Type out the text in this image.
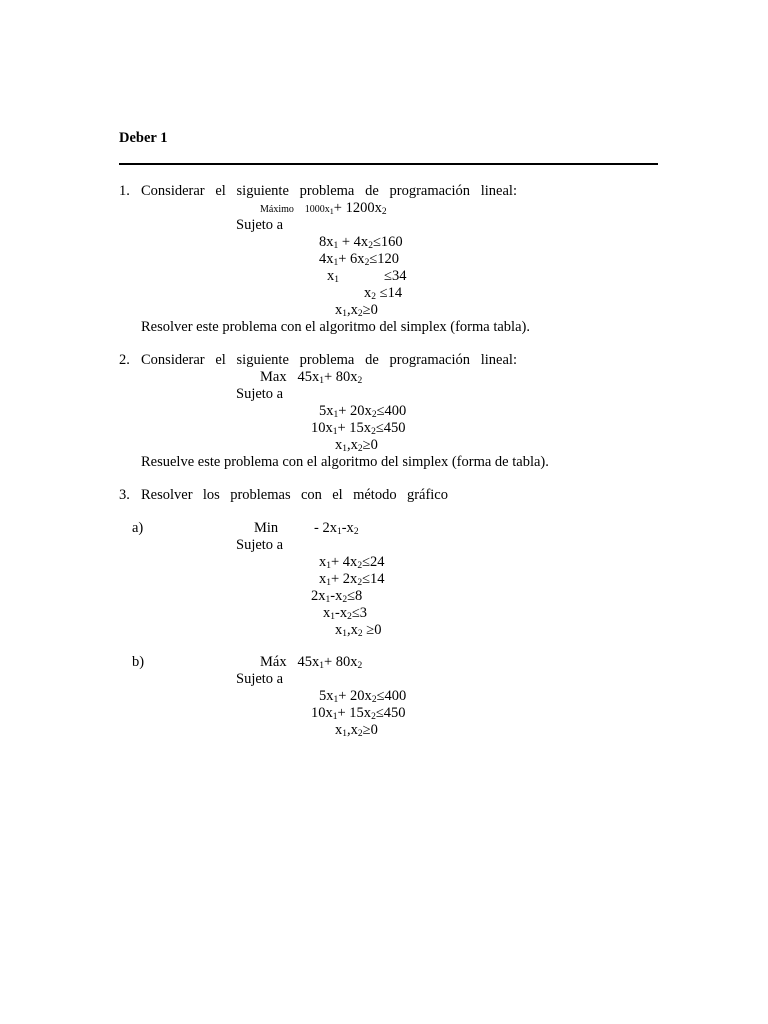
Deber 1
1. Considerar el siguiente problema de programación lineal:
Máximo $1000x_1+ 1200x_2$
Sujeto a
$8x_1 + 4x_2\le 160$
$4x_1+ 6x_2\le 120$
$x_1$	≤34
$x_2 \le 14$
$x_1,x_2\ge 0$
Resolver este problema con el algoritmo del simplex (forma tabla).
2. Considerar el siguiente problema de programación lineal:
Max $45x_1+ 80x_2$
Sujeto a
$5x_1+ 20x_2\le 400$
$10x_1+ 15x_2\le 450$
$x_1,x_2\ge 0$
Resuelve este problema con el algoritmo del simplex (forma de tabla).
3. Resolver los problemas con el método gráfico
a)	Min - $2x_1-x_2$
Sujeto a
$x_1+ 4x_2\le 24$
$x_1+ 2x_2\le 14$
$2x_1-x_2\le 8$
$x_1-x_2\le 3$
$x_1,x_2 \ge 0$
b)	Máx $45x_1+ 80x_2$
Sujeto a
$5x_1+ 20x_2\le 400$
$10x_1+ 15x_2\le 450$
$x_1,x_2\ge 0$
